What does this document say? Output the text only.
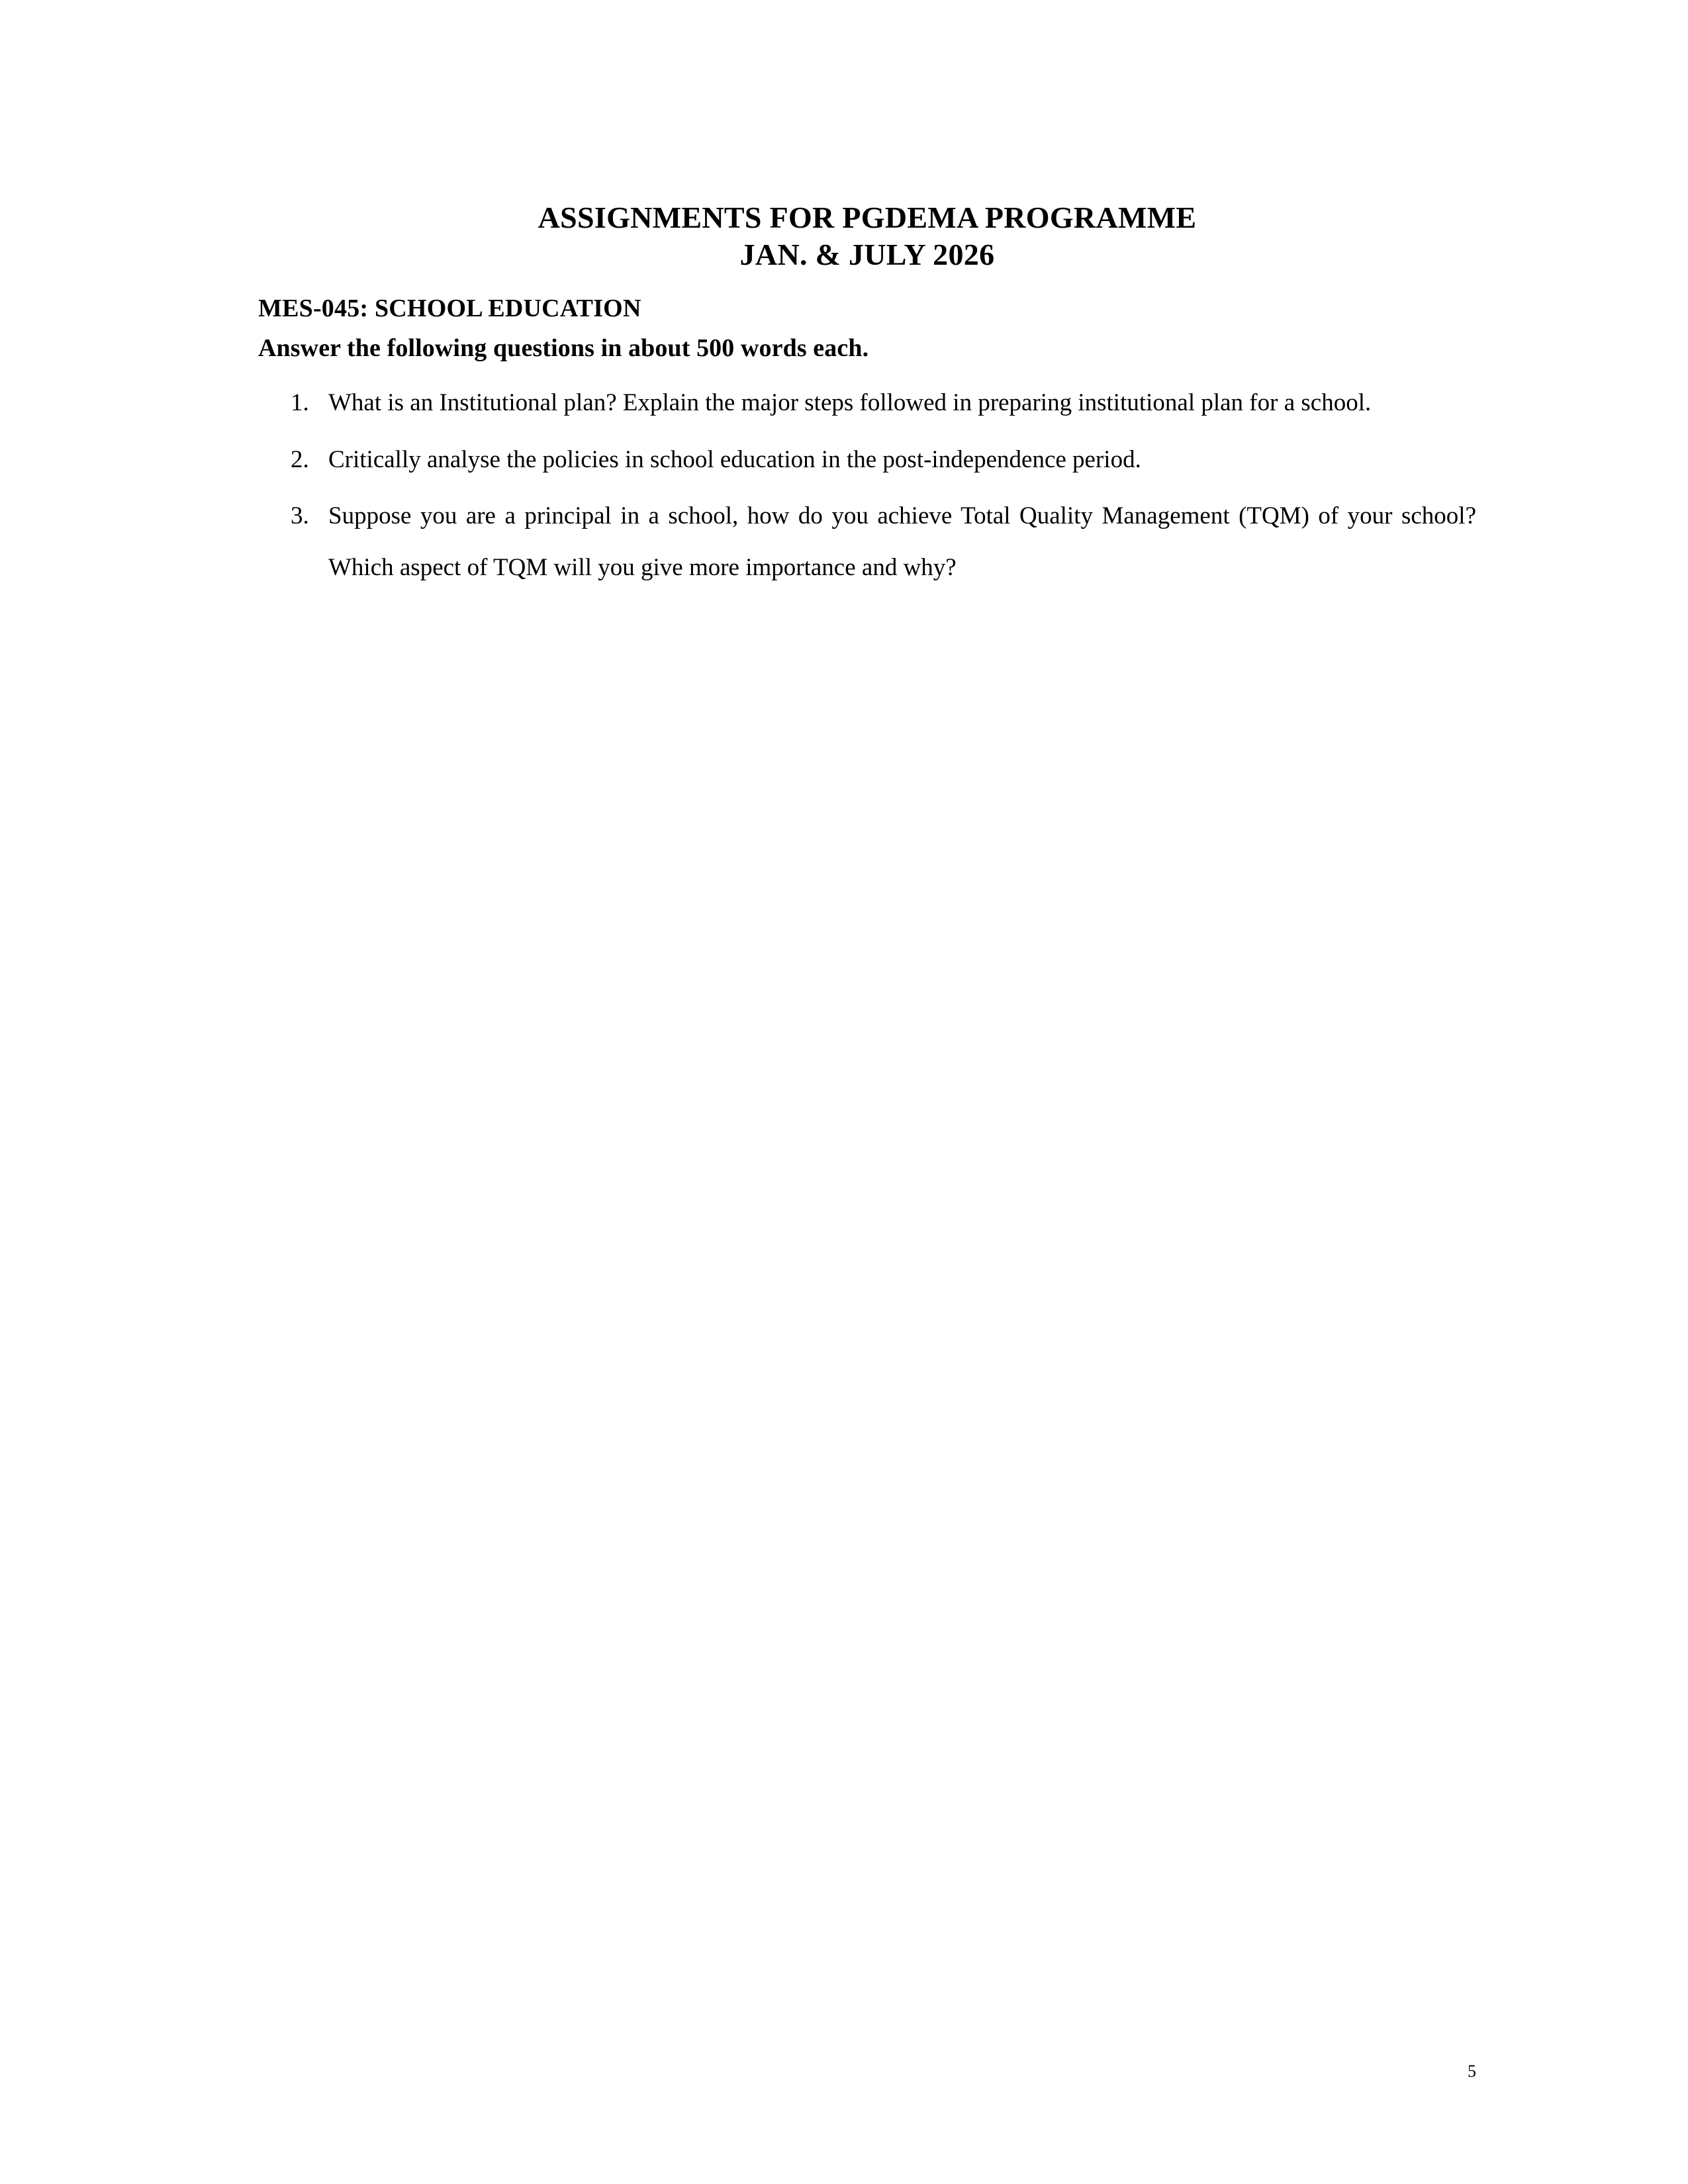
ASSIGNMENTS FOR PGDEMA PROGRAMME
JAN. & JULY 2026
MES-045: SCHOOL EDUCATION
Answer the following questions in about 500 words each.
1. What is an Institutional plan? Explain the major steps followed in preparing institutional plan for a school.
2. Critically analyse the policies in school education in the post-independence period.
3. Suppose you are a principal in a school, how do you achieve Total Quality Management (TQM) of your school? Which aspect of TQM will you give more importance and why?
5
